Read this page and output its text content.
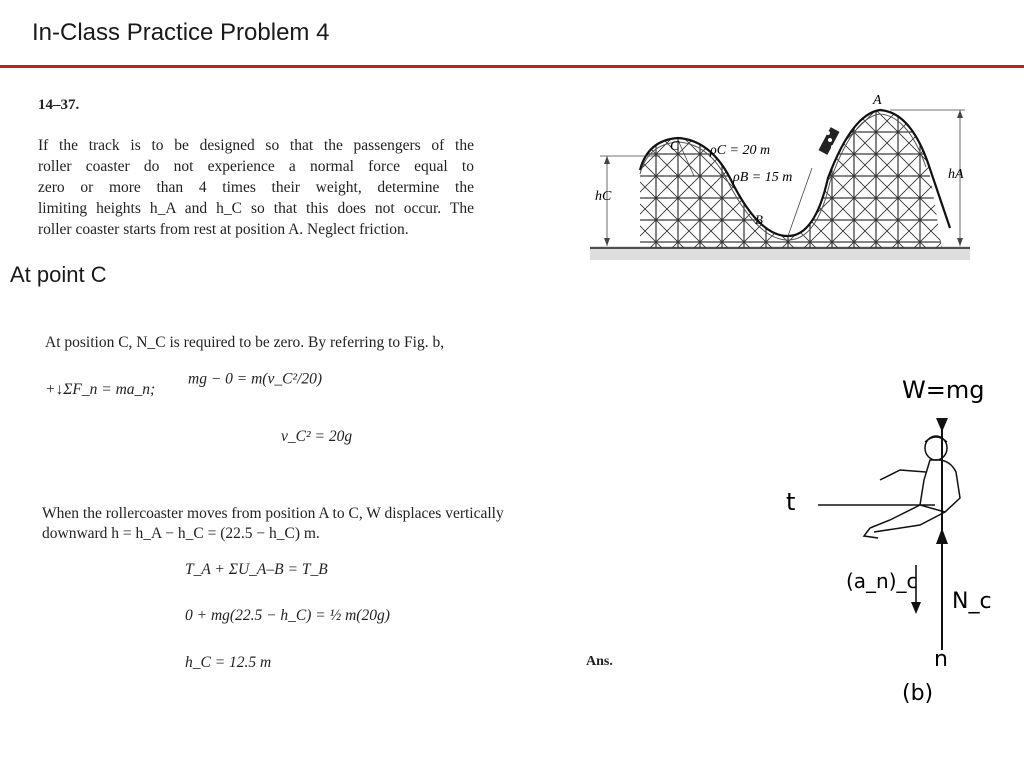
In-Class Practice Problem 4
14–37.
If the track is to be designed so that the passengers of the
roller coaster do not experience a normal force equal to
zero or more than 4 times their weight, determine the
limiting heights h_A and h_C so that this does not occur. The
roller coaster starts from rest at position A. Neglect friction.
A
C
B
ρC = 20 m
ρB = 15 m
hC
hA
At point C
At position C, N_C is required to be zero. By referring to Fig. b,
+↓ΣF_n = ma_n;
mg − 0 = m(v_C²/20)
v_C² = 20g
When the rollercoaster moves from position A to C, W displaces vertically
downward h = h_A − h_C = (22.5 − h_C) m.
T_A + ΣU_A–B = T_B
0 + mg(22.5 − h_C) = ½ m(20g)
h_C = 12.5 m	Ans.
W=mg
t
(a_n)_c
N_c
n
(b)
